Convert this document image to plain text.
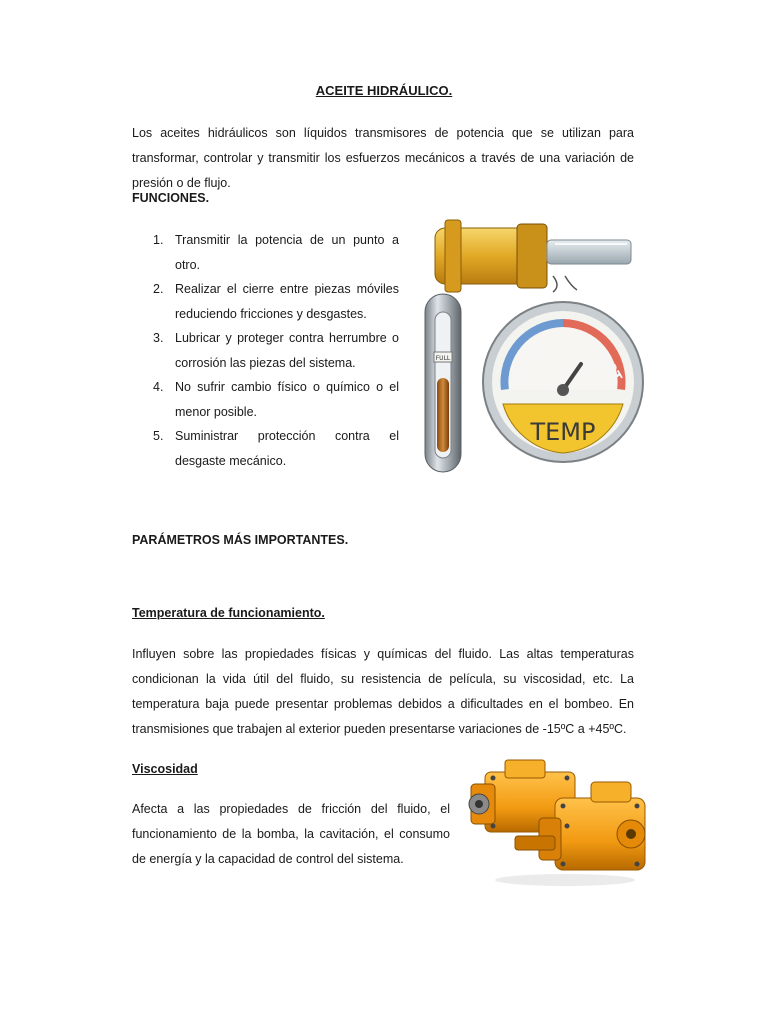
ACEITE HIDRÁULICO.
Los aceites hidráulicos son líquidos transmisores de potencia que se utilizan para transformar, controlar y transmitir los esfuerzos mecánicos a través de una variación de presión o de flujo.
FUNCIONES.
1. Transmitir la potencia de un punto a otro.
2. Realizar el cierre entre piezas móviles reduciendo fricciones y desgastes.
3. Lubricar y proteger contra herrumbre o corrosión las piezas del sistema.
4. No sufrir cambio físico o químico o el menor posible.
5. Suministrar protección contra el desgaste mecánico.
FULL	COLD	HOT
TEMP
PARÁMETROS MÁS IMPORTANTES.
Temperatura de funcionamiento.
Influyen sobre las propiedades físicas y químicas del fluido. Las altas temperaturas condicionan la vida útil del fluido, su resistencia de película, su viscosidad, etc. La temperatura baja puede presentar problemas debidos a dificultades en el bombeo. En transmisiones que trabajen al exterior pueden presentarse variaciones de -15ºC a +45ºC.
Viscosidad
Afecta a las propiedades de fricción del fluido, el funcionamiento de la bomba, la cavitación, el consumo de energía y la capacidad de control del sistema.
